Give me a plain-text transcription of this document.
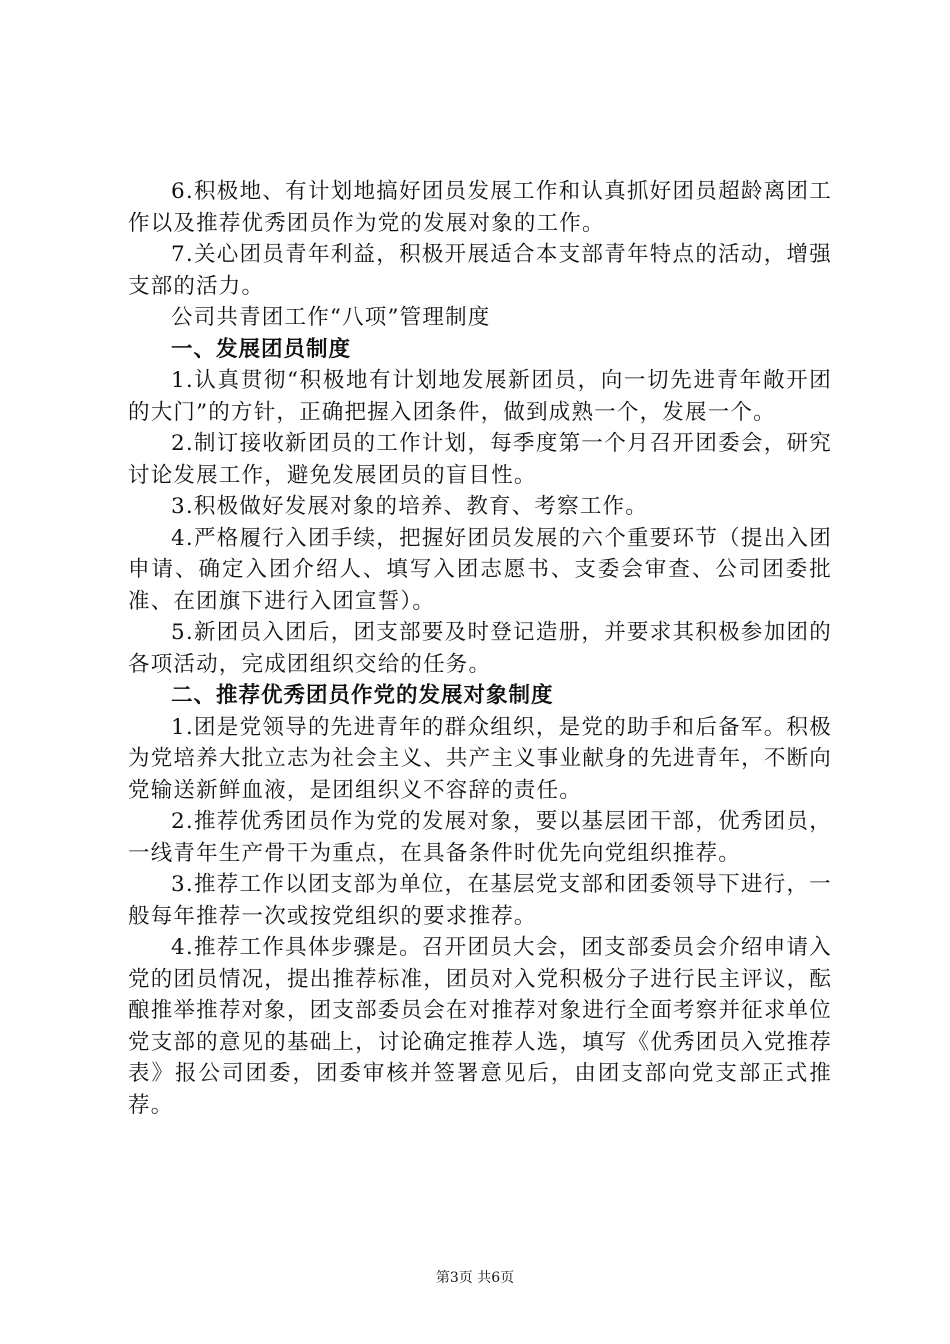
6.积极地、有计划地搞好团员发展工作和认真抓好团员超龄离团工作以及推荐优秀团员作为党的发展对象的工作。

7.关心团员青年利益，积极开展适合本支部青年特点的活动，增强支部的活力。

公司共青团工作“八项”管理制度

一、发展团员制度

1.认真贯彻“积极地有计划地发展新团员，向一切先进青年敞开团的大门”的方针，正确把握入团条件，做到成熟一个，发展一个。

2.制订接收新团员的工作计划，每季度第一个月召开团委会，研究讨论发展工作，避免发展团员的盲目性。

3.积极做好发展对象的培养、教育、考察工作。

4.严格履行入团手续，把握好团员发展的六个重要环节（提出入团申请、确定入团介绍人、填写入团志愿书、支委会审查、公司团委批准、在团旗下进行入团宣誓）。

5.新团员入团后，团支部要及时登记造册，并要求其积极参加团的各项活动，完成团组织交给的任务。

二、推荐优秀团员作党的发展对象制度

1.团是党领导的先进青年的群众组织，是党的助手和后备军。积极为党培养大批立志为社会主义、共产主义事业献身的先进青年，不断向党输送新鲜血液，是团组织义不容辞的责任。

2.推荐优秀团员作为党的发展对象，要以基层团干部，优秀团员，一线青年生产骨干为重点，在具备条件时优先向党组织推荐。

3.推荐工作以团支部为单位，在基层党支部和团委领导下进行，一般每年推荐一次或按党组织的要求推荐。

4.推荐工作具体步骤是。召开团员大会，团支部委员会介绍申请入党的团员情况，提出推荐标准，团员对入党积极分子进行民主评议，酝酿推举推荐对象，团支部委员会在对推荐对象进行全面考察并征求单位党支部的意见的基础上，讨论确定推荐人选，填写《优秀团员入党推荐表》报公司团委，团委审核并签署意见后，由团支部向党支部正式推荐。

第3页 共6页
